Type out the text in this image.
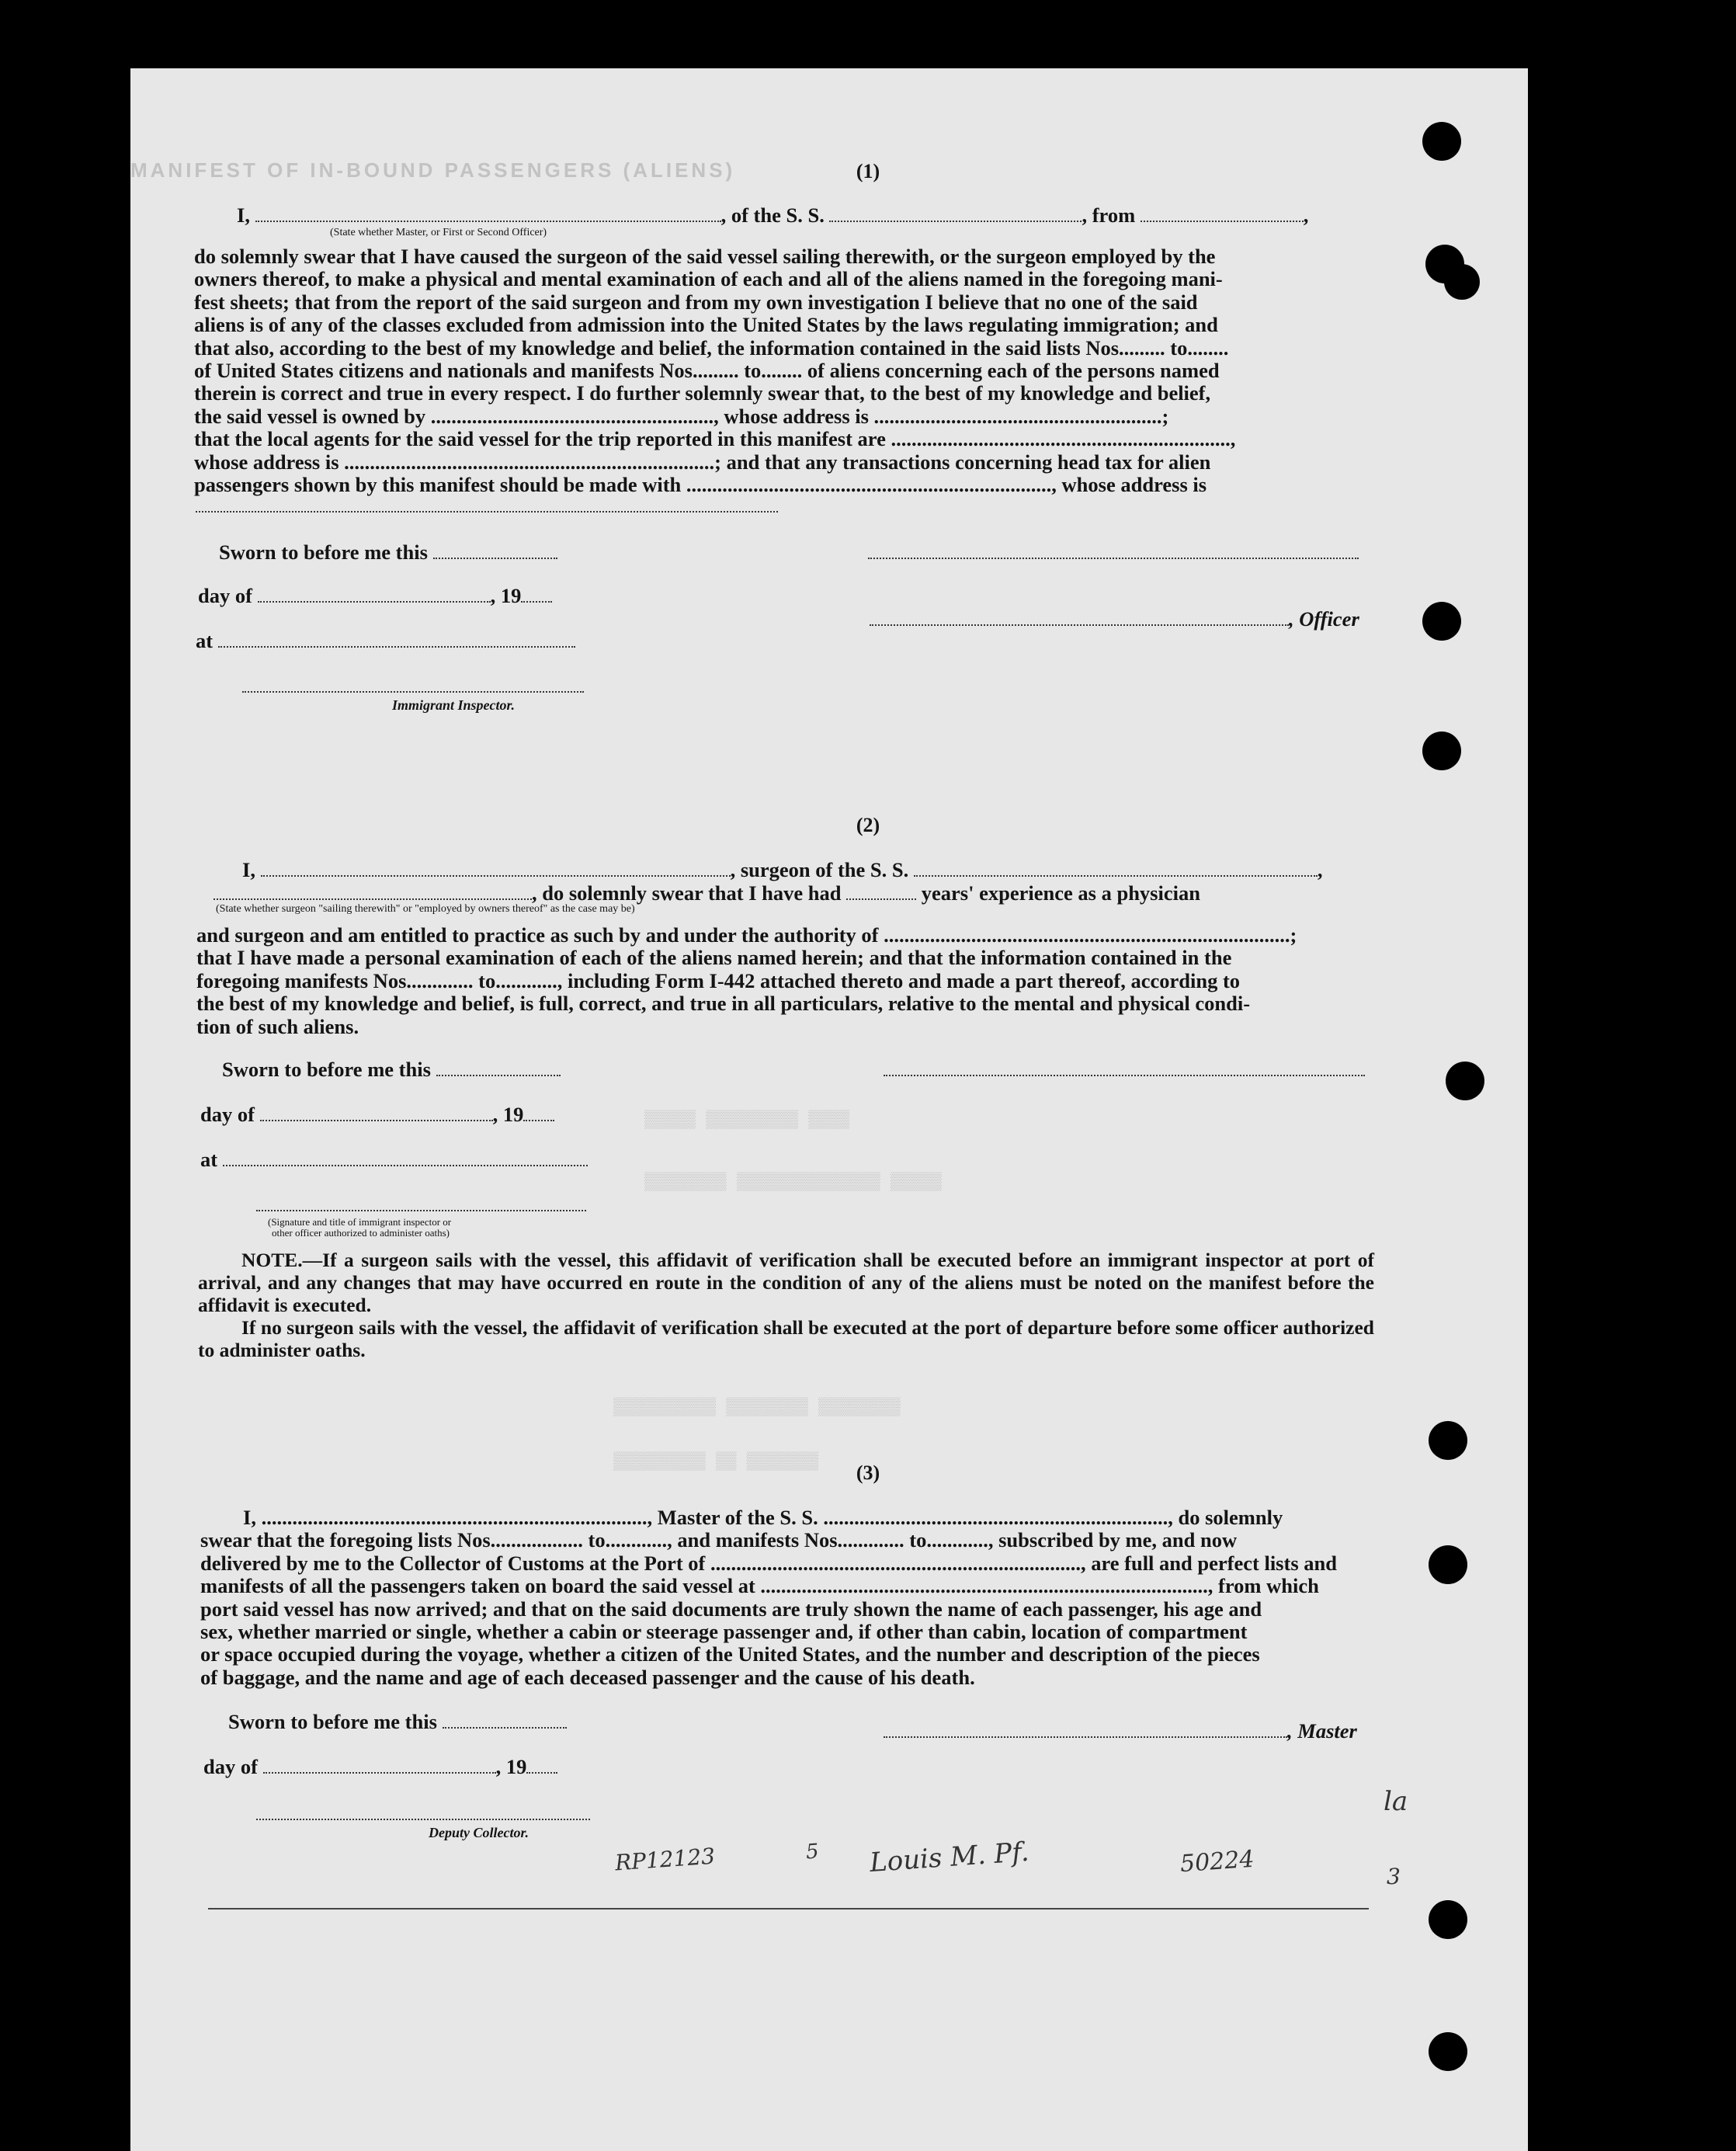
MANIFEST OF IN-BOUND PASSENGERS (ALIENS)	(1)
I,	, of the S. S.	, from	,
(State whether Master, or First or Second Officer)
do solemnly swear that I have caused the surgeon of the said vessel sailing therewith, or the surgeon employed by the
owners thereof, to make a physical and mental examination of each and all of the aliens named in the foregoing mani-
fest sheets; that from the report of the said surgeon and from my own investigation I believe that no one of the said
aliens is of any of the classes excluded from admission into the United States by the laws regulating immigration; and
that also, according to the best of my knowledge and belief, the information contained in the said lists Nos......... to........
of United States citizens and nationals and manifests Nos......... to........ of aliens concerning each of the persons named
therein is correct and true in every respect. I do further solemnly swear that, to the best of my knowledge and belief,
the said vessel is owned by ......................................................., whose address is ........................................................;
that the local agents for the said vessel for the trip reported in this manifest are ..................................................................,
whose address is ........................................................................; and that any transactions concerning head tax for alien
passengers shown by this manifest should be made with ......................................................................., whose address is
Sworn to before me this
day of	, 19
, Officer
at
Immigrant Inspector.
(2)
I,	, surgeon of the S. S.	,
, do solemnly swear that I have had	years' experience as a physician
(State whether surgeon "sailing therewith" or "employed by owners thereof" as the case may be)
and surgeon and am entitled to practice as such by and under the authority of ...............................................................................;
that I have made a personal examination of each of the aliens named herein; and that the information contained in the
foregoing manifests Nos............. to............, including Form I-442 attached thereto and made a part thereof, according to
the best of my knowledge and belief, is full, correct, and true in all particulars, relative to the mental and physical condi-
tion of such aliens.
Sworn to before me this
day of	, 19
at
(Signature and title of immigrant inspector or
other officer authorized to administer oaths)
NOTE.—If a surgeon sails with the vessel, this affidavit of verification shall be executed before an immigrant inspector at port of arrival, and any changes that may have occurred en route in the condition of any of the aliens must be noted on the manifest before the affidavit is executed.
If no surgeon sails with the vessel, the affidavit of verification shall be executed at the port of departure before some officer authorized to administer oaths.
▒▒▒▒▒ ▒▒▒▒▒▒▒▒▒ ▒▒▒▒
▒▒▒▒▒▒▒▒ ▒▒▒▒▒▒▒▒▒▒▒▒▒▒ ▒▒▒▒▒
▒▒▒▒▒▒▒▒▒▒ ▒▒▒▒▒▒▒▒ ▒▒▒▒▒▒▒▒
▒▒▒▒▒▒▒▒▒ ▒▒ ▒▒▒▒▒▒▒	(3)
I, ..........................................................................., Master of the S. S. ..................................................................., do solemnly
swear that the foregoing lists Nos.................. to............, and manifests Nos............. to............, subscribed by me, and now
delivered by me to the Collector of Customs at the Port of ........................................................................, are full and perfect lists and
manifests of all the passengers taken on board the said vessel at ......................................................................................., from which
port said vessel has now arrived; and that on the said documents are truly shown the name of each passenger, his age and
sex, whether married or single, whether a cabin or steerage passenger and, if other than cabin, location of compartment
or space occupied during the voyage, whether a citizen of the United States, and the number and description of the pieces
of baggage, and the name and age of each deceased passenger and the cause of his death.
Sworn to before me this	, Master
day of	, 19
Deputy Collector.
RP12123	5 Louis M. Pf.	50224
la
3
